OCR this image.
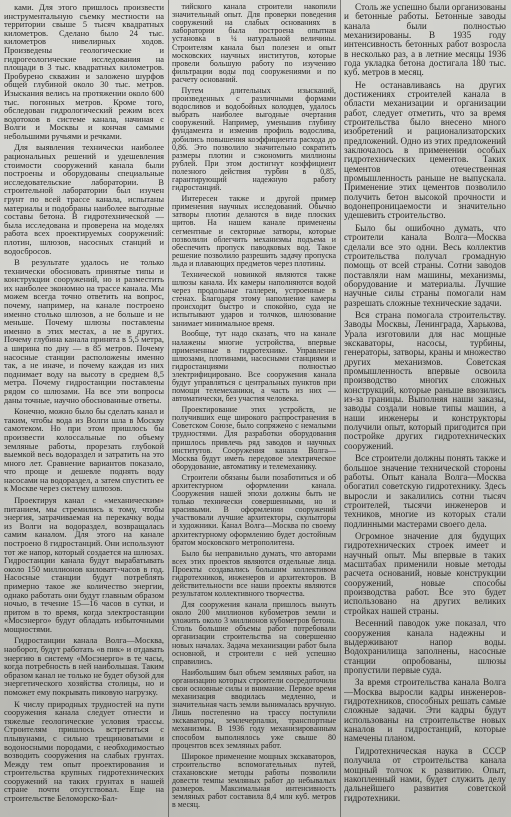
ками. Для этого пришлось произвести инструментальную съемку местности на территории свыше 5 тысяч квадратных километров. Сделано было 24 тыс. километров нивелирных ходов. Произведены геологические и гидрогеологические исследования на площади в 3 тыс. квадратных километров. Пробурено скважин и заложено шурфов общей глубиной около 30 тыс. метров. Изыскания велись на протяжении около 600 тыс. погонных метров. Кроме того, обследован гидрологический режим всех водотоков в системе канала, начиная с Волги и Москвы и кончая самыми небольшими ручьями и речками.

Для выявления технически наиболее рациональных решений и удешевления стоимости сооружений канала были построены и оборудованы специальные исследовательские лаборатории. В строительной лаборатории был изучен грунт по всей трассе канала, испытаны материалы и подобраны наиболее выгодные составы бетона. В гидротехнической — была исследована и проверена на моделях работа всех проектируемых сооружений: плотин, шлюзов, насосных станций и водосбросов.

В результате удалось не только технически обосновать принятые типы и конструкции сооружений, но и разместить их наиболее экономно на трассе канала. Мы можем всегда точно ответить на вопрос, почему, например, на канале построено именно столько шлюзов, а не больше и не меньше. Почему шлюзы поставлены именно в этих местах, а не в других. Почему глубина канала принята в 5,5 метра, а ширина по дну — в 85 метров. Почему насосные станции расположены именно так, а не иначе, и почему каждая из них поднимает воду на высоту в среднем 8,5 метра. Почему гидростанции поставлены рядом со шлюзами. На все эти вопросы даны точные, научно обоснованные ответы.

Конечно, можно было бы сделать канал и таким, чтобы вода из Волги шла в Москву самотеком. Но при этом пришлось бы произвести колоссальные по объему земляные работы, прорезать глубокой выемкой весь водораздел и затратить на это много лет. Сравнение вариантов показало, что проще и дешевле поднять воду насосами на водораздел, а затем спустить ее к Москве через систему шлюзов.

Проектируя канал с «механическим» питанием, мы стремились к тому, чтобы энергия, затрачиваемая на перекачку воды из Волги на водораздел, возвращалась самим каналом. Для этого на канале построено 8 гидростанций. Они используют тот же напор, который создается на шлюзах. Гидростанции канала будут вырабатывать около 150 миллионов киловатт-часов в год. Насосные станции будут потреблять примерно такое же количество энергии, однако работать они будут главным образом ночью, в течение 15—16 часов в сутки, и притом в то время, когда электростанции «Мосэнерго» будут обладать избыточными мощностями.

Гидростанции канала Волга—Москва, наоборот, будут работать «в пик» и отдавать энергию в систему «Мосэнерго» в те часы, когда потребность в ней наибольшая. Таким образом канал не только не будет обузой для энергетического хозяйства столицы, но и поможет ему покрывать пиковую нагрузку.

К числу природных трудностей на пути сооружения канала следует отнести и тяжелые геологические условия трассы. Строителям пришлось встретиться с плывунами, с сильно трещиноватыми и водоносными породами, с необходимостью возводить сооружения на слабых грунтах. Между тем опыт проектирования и строительства крупных гидротехнических сооружений на таких грунтах в нашей стране почти отсутствовал. Еще на строительстве Беломорско-Бал-

тийского канала строители накопили значительный опыт. Для проверки поведения сооружений на слабых основаниях в лаборатории была построена опытная установка в ¼ натуральной величины. Строителям канала был полезен и опыт московских научных институтов, которые провели большую работу по изучению фильтрации воды под сооружениями и по расчету оснований.

Путем длительных изысканий, произведенных с различными формами водосливов и водобойных колодцев, удалось выбрать наиболее выгодные очертания сооружений. Например, уменьшив глубину фундамента и изменив профиль водослива, добились повышения коэффициента расхода до 0,86. Это позволило значительно сократить размеры плотин и сэкономить миллионы рублей. При этом достигнут коэффициент полезного действия турбин в 0,85, гарантирующий надежную работу гидростанций.

Интересен также и другой пример применения научных исследований. Обычно затворы плотин делаются в виде плоских щитов. На нашем канале применены сегментные и секторные затворы, которые позволили облегчить механизмы подъема и обеспечить пропуск паводковых вод. Такое решение позволило разрешить задачу пропуска льда и плавающих предметов через плотины.

Технической новинкой являются также шлюзы канала. Их камеры наполняются водой через продольные галлереи, устроенные в стенах. Благодаря этому наполнение камеры происходит быстро и спокойно, суда не испытывают ударов и толчков, шлюзование занимает минимальное время.

Вообще, тут надо сказать, что на канале налажены многие устройства, впервые примененные в гидротехнике. Управление шлюзами, плотинами, насосными станциями и гидростанциями полностью электрифицировано. Все сооружения канала будут управляться с центральных пунктов при помощи телемеханики, а часть из них — автоматически, без участия человека.

Проектирование этих устройств, не получивших еще широкого распространения в Советском Союзе, было сопряжено с немалыми трудностями. Для разработки оборудования пришлось привлечь ряд заводов и научных институтов. Сооружения канала Волга—Москва будут иметь передовое электрическое оборудование, автоматику и телемеханику.

Строители обязаны были позаботиться и об архитектурном оформлении канала. Сооружения нашей эпохи должны быть не только технически совершенными, но и красивыми. В оформлении сооружений участвовали лучшие архитекторы, скульпторы и художники. Канал Волга—Москва по своему архитектурному оформлению будет достойным братом московского метрополитена.

Было бы неправильно думать, что авторами всех этих проектов являются отдельные лица. Проекты создавались большим коллективом гидротехников, инженеров и архитекторов. В действительности все наши проекты являются результатом коллективного творчества.

Для сооружения канала пришлось вынуть около 200 миллионов кубометров земли и уложить около 3 миллионов кубометров бетона. Столь большие объемы работ потребовали организации строительства на совершенно новых началах. Задача механизации работ была основной, и строители с ней успешно справились.

Наибольшим был объем земляных работ, на организацию которых строители сосредоточили свои основные силы и внимание. Первое время механизация вводилась медленно, и значительная часть земли вынималась вручную. Лишь постепенно на трассу поступили экскаваторы, землечерпалки, транспортные механизмы. В 1936 году механизированным способом выполнялось уже свыше 80 процентов всех земляных работ.

Широкое применение мощных экскаваторов, строительство вспомогательных путей, стахановские методы работы позволили довести темпы земляных работ до небывалых размеров. Максимальная интенсивность земляных работ составила 8,4 млн куб. метров в месяц.

Столь же успешно были организованы и бетонные работы. Бетонные заводы канала были полностью механизированы. В 1935 году интенсивность бетонных работ возросла в несколько раз, а в летние месяцы 1936 года укладка бетона достигала 180 тыс. куб. метров в месяц.

Не останавливаясь на других достижениях строителей канала в области механизации и организации работ, следует отметить, что за время строительства было внесено много изобретений и рационализаторских предложений. Одно из этих предложений заключалось в применении особых гидротехнических цементов. Таких цементов отечественная промышленность раньше не выпускала. Применение этих цементов позволило получить бетон высокой прочности и водонепроницаемости и значительно удешевить строительство.

Было бы ошибочно думать, что строители канала Волга—Москва сделали все это одни. Весь коллектив строительства получал громадную помощь от всей страны. Сотни заводов поставляли нам машины, механизмы, оборудование и материалы. Лучшие научные силы страны помогали нам разрешать сложные технические задачи.

Вся страна помогала строительству. Заводы Москвы, Ленинграда, Харькова, Урала изготовили для нас мощные экскаваторы, насосы, турбины, генераторы, затворы, краны и множество других механизмов. Советская промышленность впервые освоила производство многих сложных конструкций, которые раньше ввозились из-за границы. Выполняя наши заказы, заводы создали новые типы машин, а наши инженеры и конструкторы получили опыт, который пригодится при постройке других гидротехнических сооружений.

Все строители должны понять также и большое значение технической стороны работы. Опыт канала Волга—Москва обогатил советскую гидротехнику. Здесь выросли и закалились сотни тысяч строителей, тысячи инженеров и техников, многие из которых стали подлинными мастерами своего дела.

Огромное значение для будущих гидротехнических строек имеет и научный опыт. Мы впервые в таких масштабах применили новые методы расчета оснований, новые конструкции сооружений, новые способы производства работ. Все это будет использовано на других великих стройках нашей страны.

Весенний паводок уже показал, что сооружения канала надежны и выдерживают напор воды. Водохранилища заполнены, насосные станции опробованы, шлюзы пропустили первые суда.

За время строительства канала Волга—Москва выросли кадры инженеров-гидротехников, способных решать самые сложные задачи. Эти кадры будут использованы на строительстве новых каналов и гидростанций, которые намечены планом.

Гидротехническая наука в СССР получила от строительства канала мощный толчок к развитию. Опыт, накопленный нами, будет служить делу дальнейшего развития советской гидротехники.
